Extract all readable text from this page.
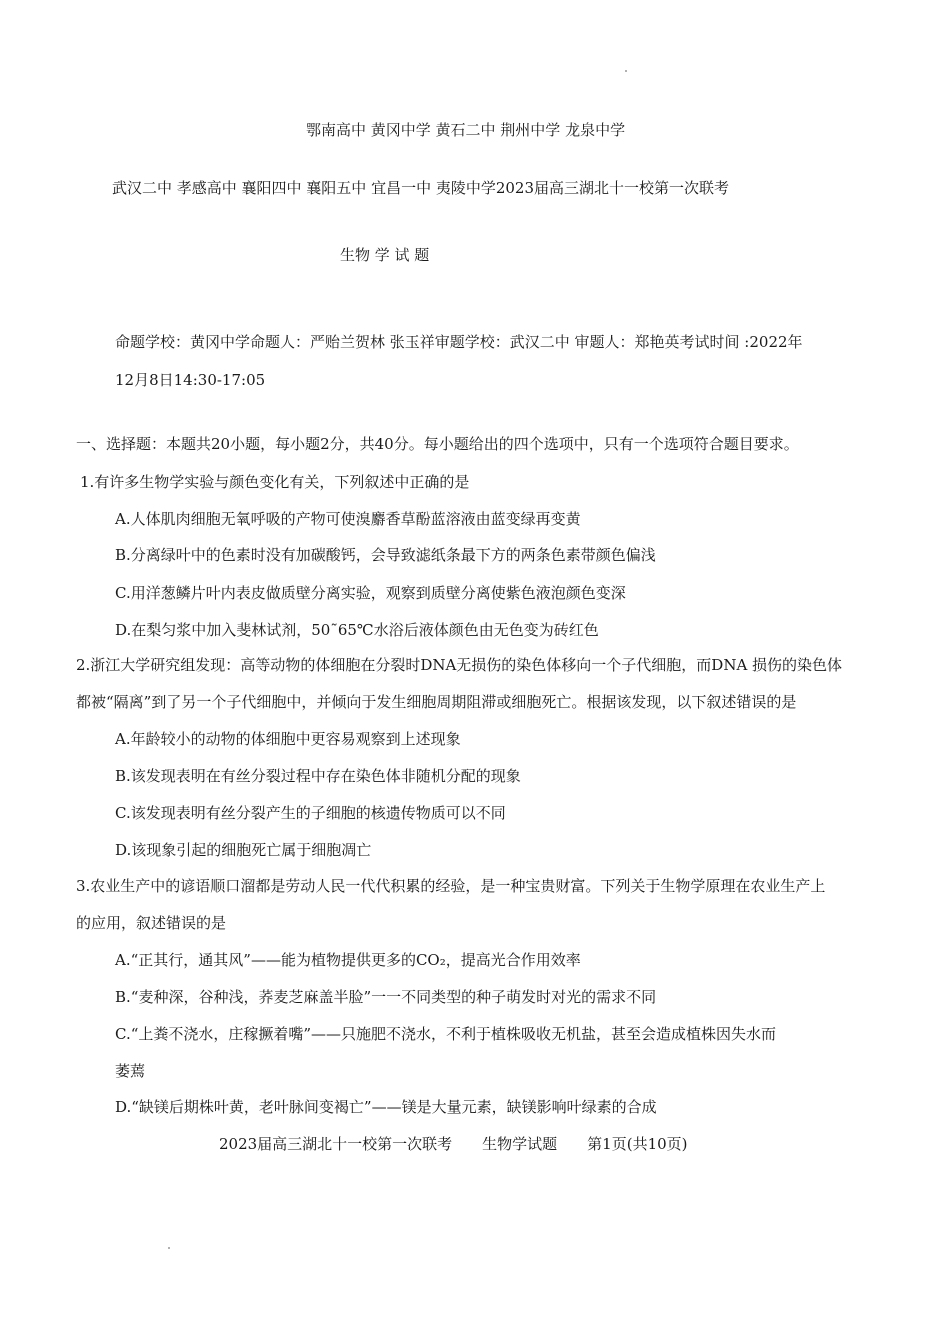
鄂南高中 黄冈中学 黄石二中 荆州中学 龙泉中学
武汉二中 孝感高中 襄阳四中 襄阳五中 宜昌一中 夷陵中学2023届高三湖北十一校第一次联考
生物 学 试 题
命题学校：黄冈中学命题人：严贻兰贺林 张玉祥审题学校：武汉二中 审题人：郑艳英考试时间 :2022年
12月8日14:30-17:05
一、选择题：本题共20小题，每小题2分，共40分。每小题给出的四个选项中，只有一个选项符合题目要求。
1.有许多生物学实验与颜色变化有关，下列叙述中正确的是
A.人体肌肉细胞无氧呼吸的产物可使溴麝香草酚蓝溶液由蓝变绿再变黄
B.分离绿叶中的色素时没有加碳酸钙，会导致滤纸条最下方的两条色素带颜色偏浅
C.用洋葱鳞片叶内表皮做质壁分离实验，观察到质壁分离使紫色液泡颜色变深
D.在梨匀浆中加入斐林试剂，50˜65℃水浴后液体颜色由无色变为砖红色
2.浙江大学研究组发现：高等动物的体细胞在分裂时DNA无损伤的染色体移向一个子代细胞，而DNA 损伤的染色体
都被“隔离”到了另一个子代细胞中，并倾向于发生细胞周期阻滞或细胞死亡。根据该发现，以下叙述错误的是
A.年龄较小的动物的体细胞中更容易观察到上述现象
B.该发现表明在有丝分裂过程中存在染色体非随机分配的现象
C.该发现表明有丝分裂产生的子细胞的核遗传物质可以不同
D.该现象引起的细胞死亡属于细胞凋亡
3.农业生产中的谚语顺口溜都是劳动人民一代代积累的经验，是一种宝贵财富。下列关于生物学原理在农业生产上
的应用，叙述错误的是
A.“正其行，通其风”——能为植物提供更多的CO₂，提高光合作用效率
B.“麦种深，谷种浅，荞麦芝麻盖半脸”一一不同类型的种子萌发时对光的需求不同
C.“上粪不浇水，庄稼撅着嘴”——只施肥不浇水，不利于植株吸收无机盐，甚至会造成植株因失水而
萎蔫
D.“缺镁后期株叶黄，老叶脉间变褐亡”——镁是大量元素，缺镁影响叶绿素的合成
2023届高三湖北十一校第一次联考　　生物学试题　　第1页(共10页)
